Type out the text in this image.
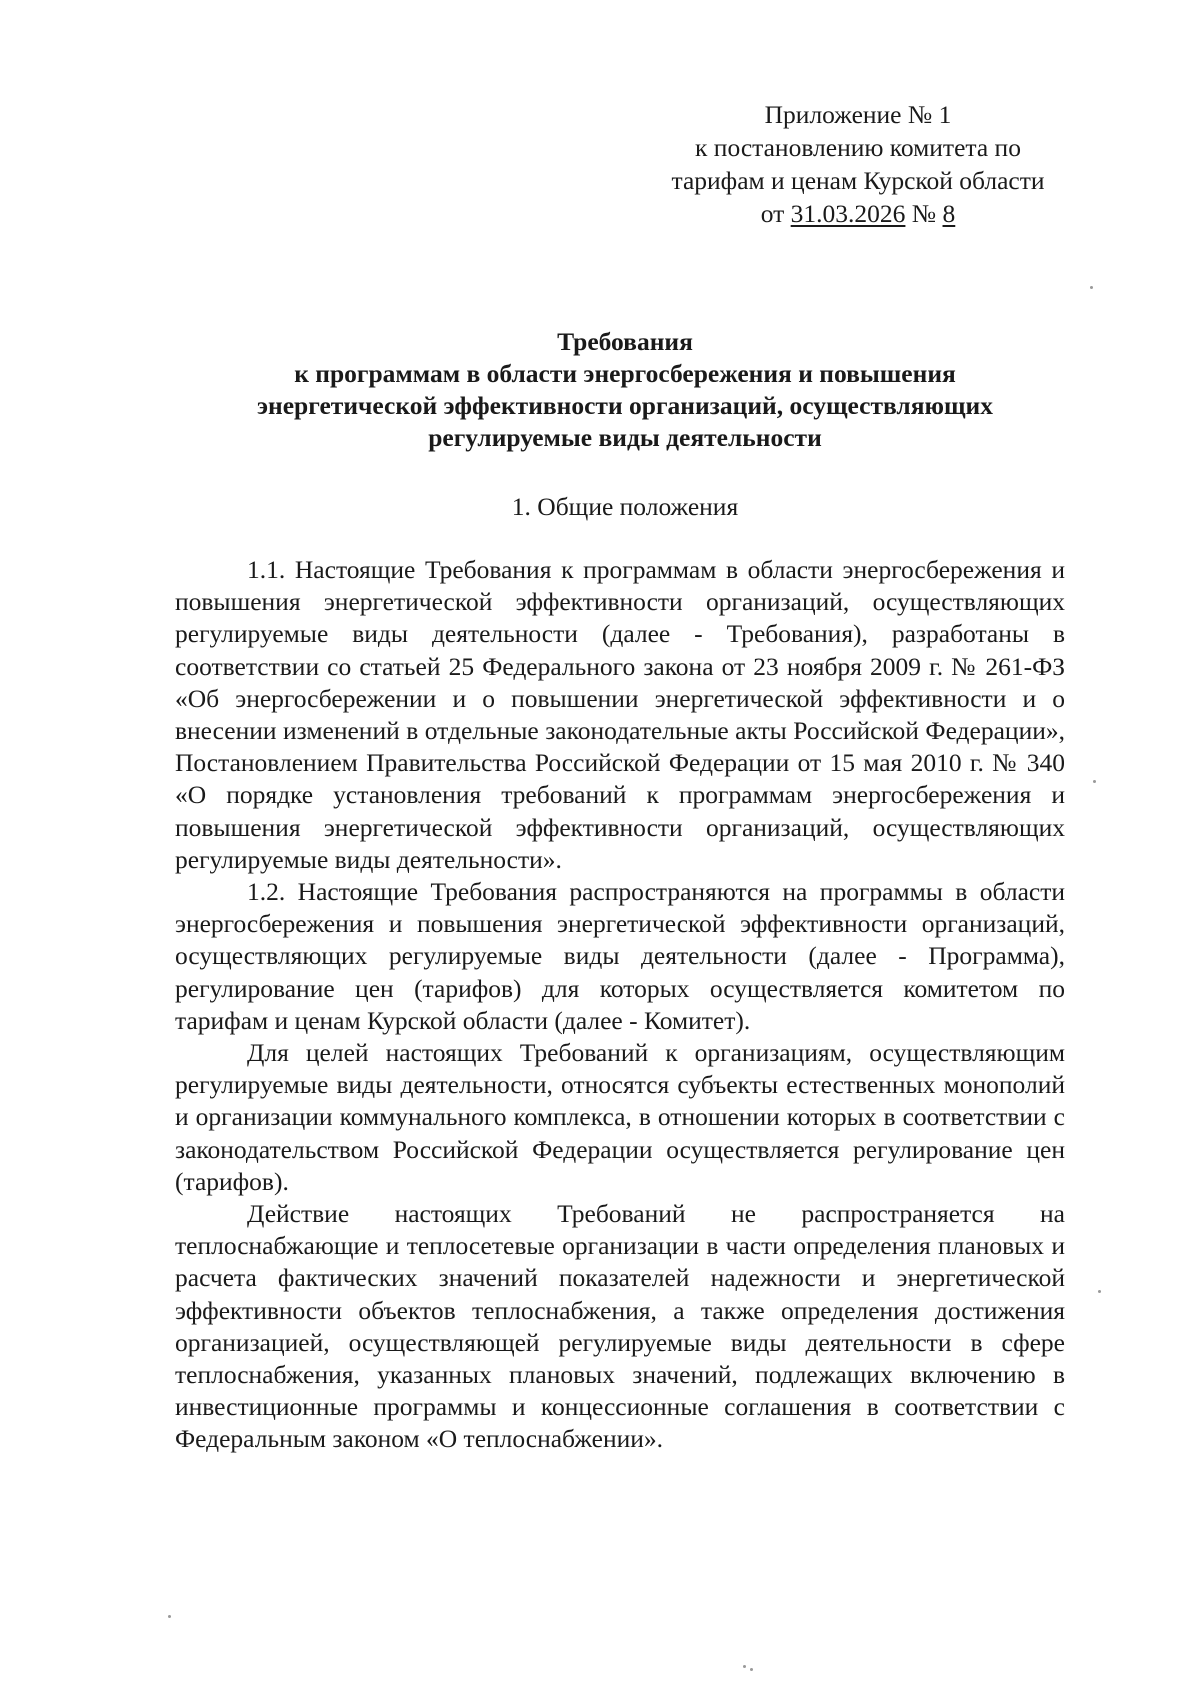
Приложение № 1
к постановлению комитета по
тарифам и ценам Курской области
от 31.03.2026 № 8
Требования
к программам в области энергосбережения и повышения
энергетической эффективности организаций, осуществляющих
регулируемые виды деятельности
1. Общие положения

1.1. Настоящие Требования к программам в области энергосбережения и повышения энергетической эффективности организаций, осуществляющих регулируемые виды деятельности (далее - Требования), разработаны в соответствии со статьей 25 Федерального закона от 23 ноября 2009 г. № 261-ФЗ «Об энергосбережении и о повышении энергетической эффективности и о внесении изменений в отдельные законодательные акты Российской Федерации», Постановлением Правительства Российской Федерации от 15 мая 2010 г. № 340 «О порядке установления требований к программам энергосбережения и повышения энергетической эффективности организаций, осуществляющих регулируемые виды деятельности».

1.2. Настоящие Требования распространяются на программы в области энергосбережения и повышения энергетической эффективности организаций, осуществляющих регулируемые виды деятельности (далее - Программа), регулирование цен (тарифов) для которых осуществляется комитетом по тарифам и ценам Курской области (далее - Комитет).

Для целей настоящих Требований к организациям, осуществляющим регулируемые виды деятельности, относятся субъекты естественных монополий и организации коммунального комплекса, в отношении которых в соответствии с законодательством Российской Федерации осуществляется регулирование цен (тарифов).

Действие настоящих Требований не распространяется на теплоснабжающие и теплосетевые организации в части определения плановых и расчета фактических значений показателей надежности и энергетической эффективности объектов теплоснабжения, а также определения достижения организацией, осуществляющей регулируемые виды деятельности в сфере теплоснабжения, указанных плановых значений, подлежащих включению в инвестиционные программы и концессионные соглашения в соответствии с Федеральным законом «О теплоснабжении».
